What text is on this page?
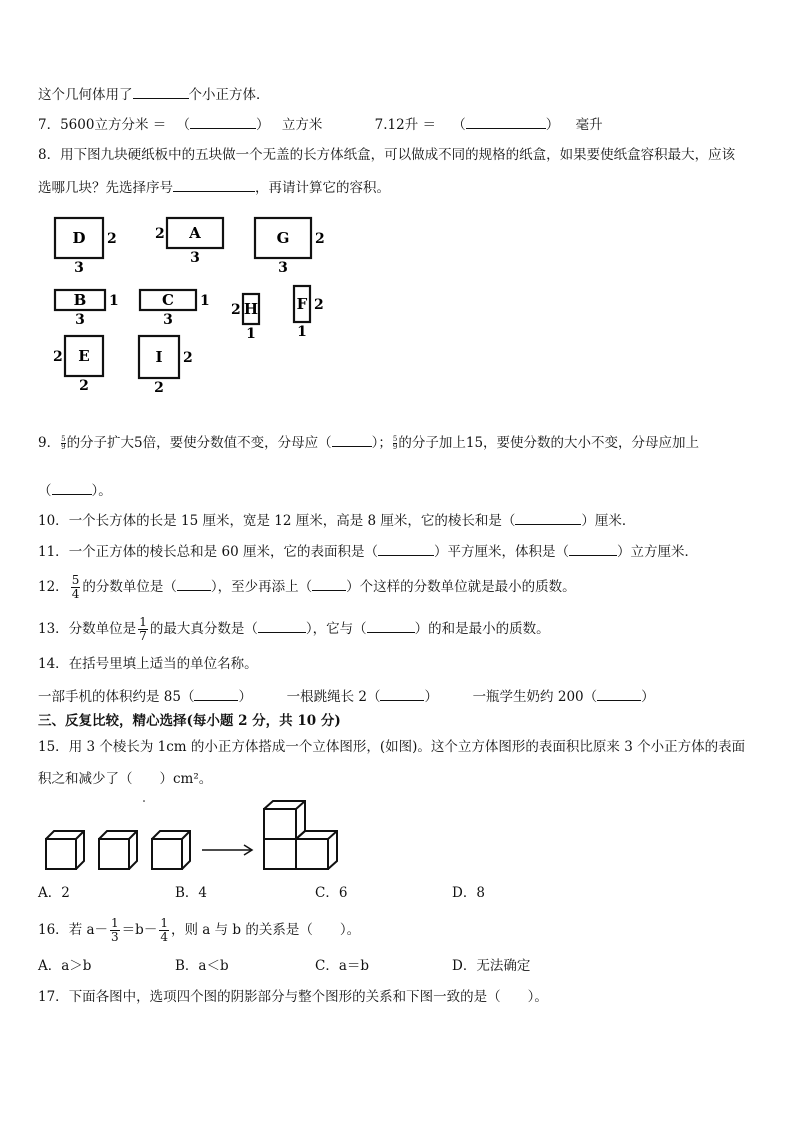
这个几何体用了	个小正方体．
7．5600立方分米 ＝ （	） 立方米	7.12升 ＝ （	） 毫升
8．用下图九块硬纸板中的五块做一个无盖的长方体纸盒，可以做成不同的规格的纸盒，如果要使纸盒容积最大，应该
选哪几块？先选择序号	，再请计算它的容积。
D
3
2	A
3
2	G
3
2
B
3
1	C
3
1 H
1
2	F
1
2
E
2
2	I
2
2
9． $\frac{5}{9}$ 的分子扩大5倍，要使分数值不变，分母应（	）； $\frac{5}{9}$ 的分子加上15，要使分数的大小不变，分母应加上
（	）。
10．一个长方体的长是 15 厘米，宽是 12 厘米，高是 8 厘米，它的棱长和是（	）厘米．
11．一个正方体的棱长总和是 60 厘米，它的表面积是（	）平方厘米，体积是（	）立方厘米．
12． $\frac{5}{4}$ 的分数单位是（	），至少再添上（	）个这样的分数单位就是最小的质数。
13．分数单位是 $\frac{1}{7}$ 的最大真分数是（	），它与（	）的和是最小的质数。
14．在括号里填上适当的单位名称。
一部手机的体积约是 85（	）	一根跳绳长 2（	）	一瓶学生奶约 200（	）
三、反复比较，精心选择(每小题 2 分，共 10 分)
15．用 3 个棱长为 1cm 的小正方体搭成一个立体图形，(如图)。这个立方体图形的表面积比原来 3 个小正方体的表面
积之和减少了（　　）cm²。
A．2	B．4	C．6	D．8
16．若 $a- \frac{1}{3} =b- \frac{1}{4}$ ，则 a 与 b 的关系是（　　）。
A．a＞b	B．a＜b	C．a＝b	D．无法确定
17．下面各图中，选项四个图的阴影部分与整个图形的关系和下图一致的是（　　）。
